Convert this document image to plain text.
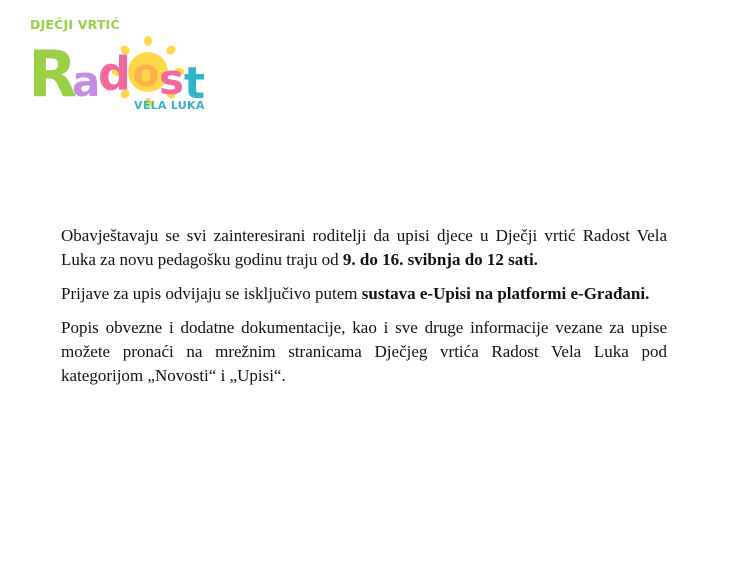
DJEČJI VRTIĆ
R
a
d o s t
VELA LUKA

Obavještavaju se svi zainteresirani roditelji da upisi djece u Dječji vrtić Radost Vela Luka za novu pedagošku godinu traju od 9. do 16. svibnja do 12 sati.

Prijave za upis odvijaju se isključivo putem sustava e-Upisi na platformi e-Građani.

Popis obvezne i dodatne dokumentacije, kao i sve druge informacije vezane za upise možete pronaći na mrežnim stranicama Dječjeg vrtića Radost Vela Luka pod kategorijom „Novosti“ i „Upisi“.
